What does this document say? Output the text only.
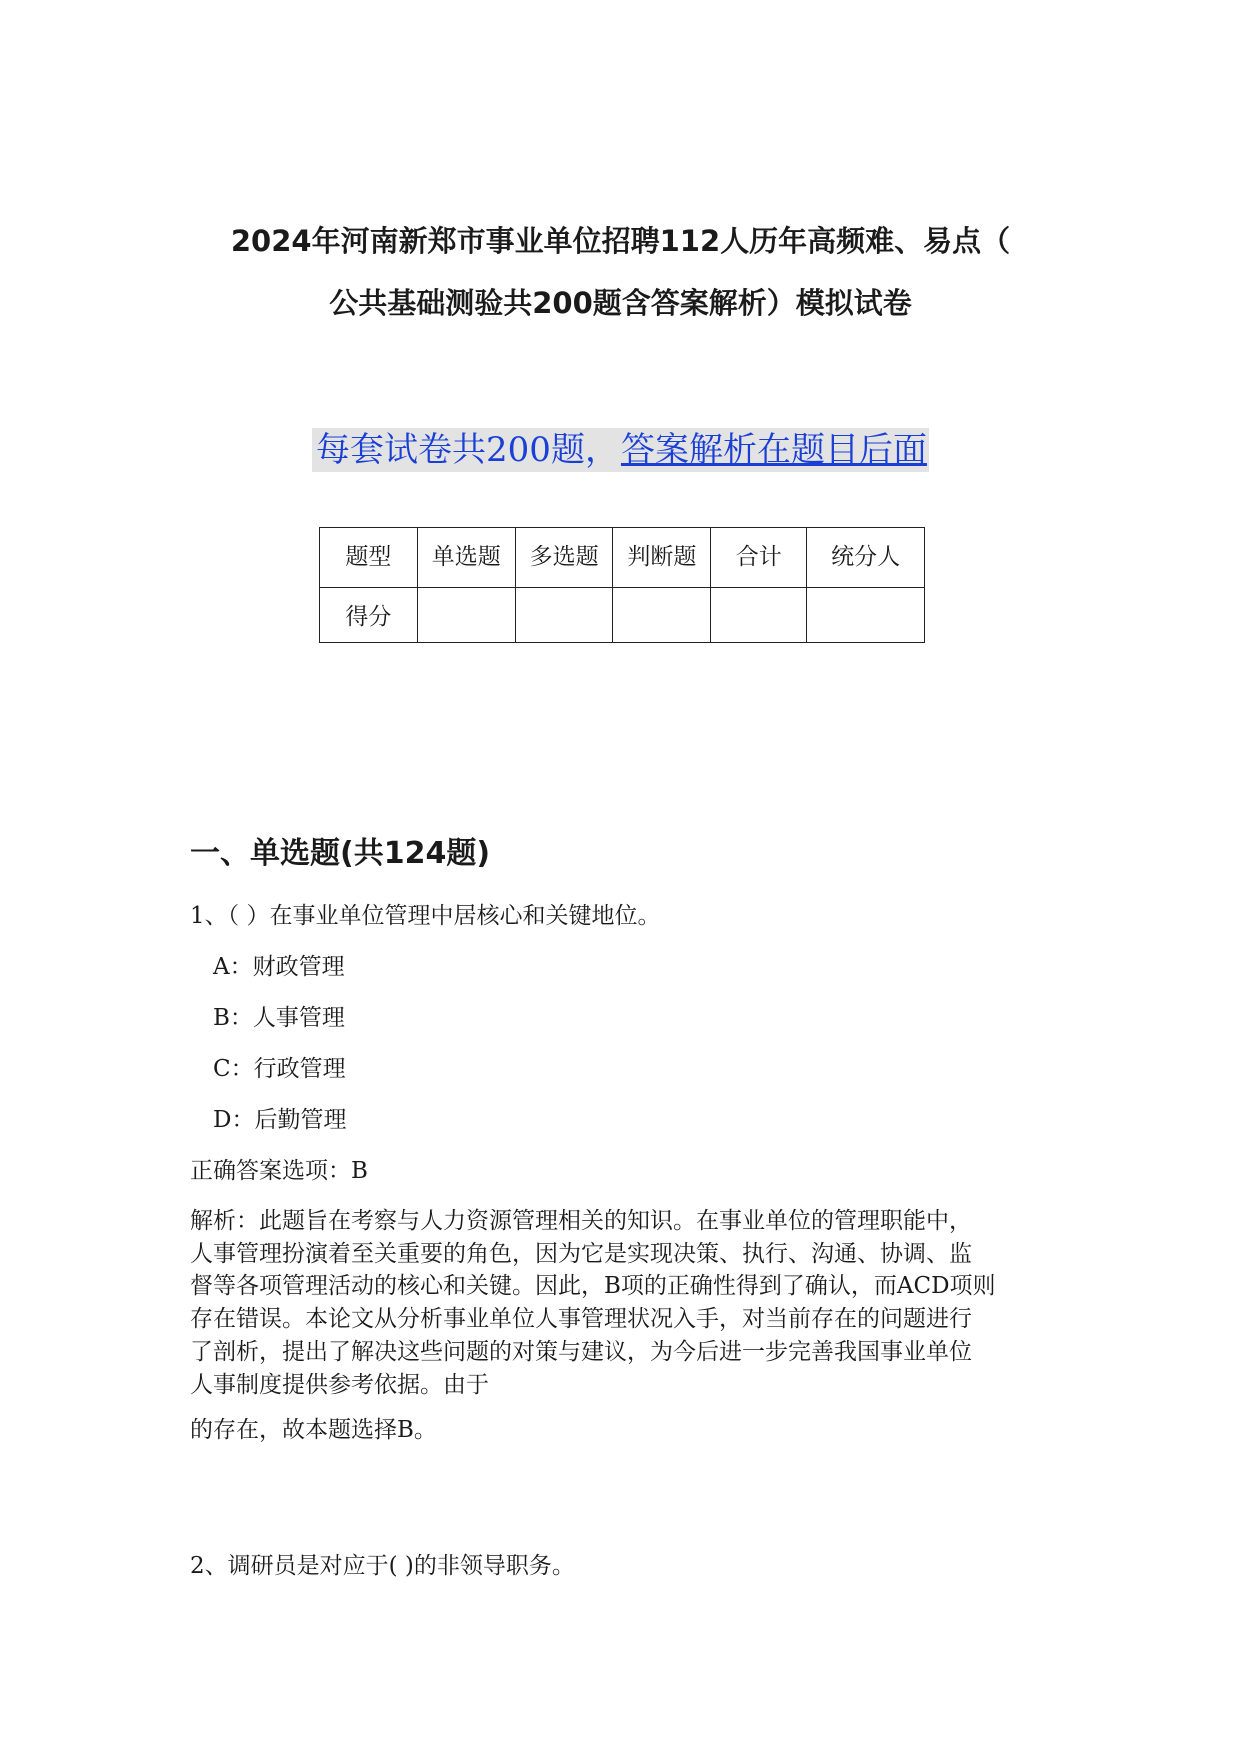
2024年河南新郑市事业单位招聘112人历年高频难、易点（
公共基础测验共200题含答案解析）模拟试卷
每套试卷共200题，答案解析在题目后面
题型	单选题	多选题	判断题	合计	统分人
得分					
一、单选题(共124题)

1、（ ）在事业单位管理中居核心和关键地位。

A：财政管理

B：人事管理

C：行政管理

D：后勤管理

正确答案选项：B

解析：此题旨在考察与人力资源管理相关的知识。在事业单位的管理职能中，
人事管理扮演着至关重要的角色，因为它是实现决策、执行、沟通、协调、监
督等各项管理活动的核心和关键。因此，B项的正确性得到了确认，而ACD项则
存在错误。本论文从分析事业单位人事管理状况入手，对当前存在的问题进行
了剖析，提出了解决这些问题的对策与建议，为今后进一步完善我国事业单位
人事制度提供参考依据。由于

的存在，故本题选择B。

2、调研员是对应于( )的非领导职务。
